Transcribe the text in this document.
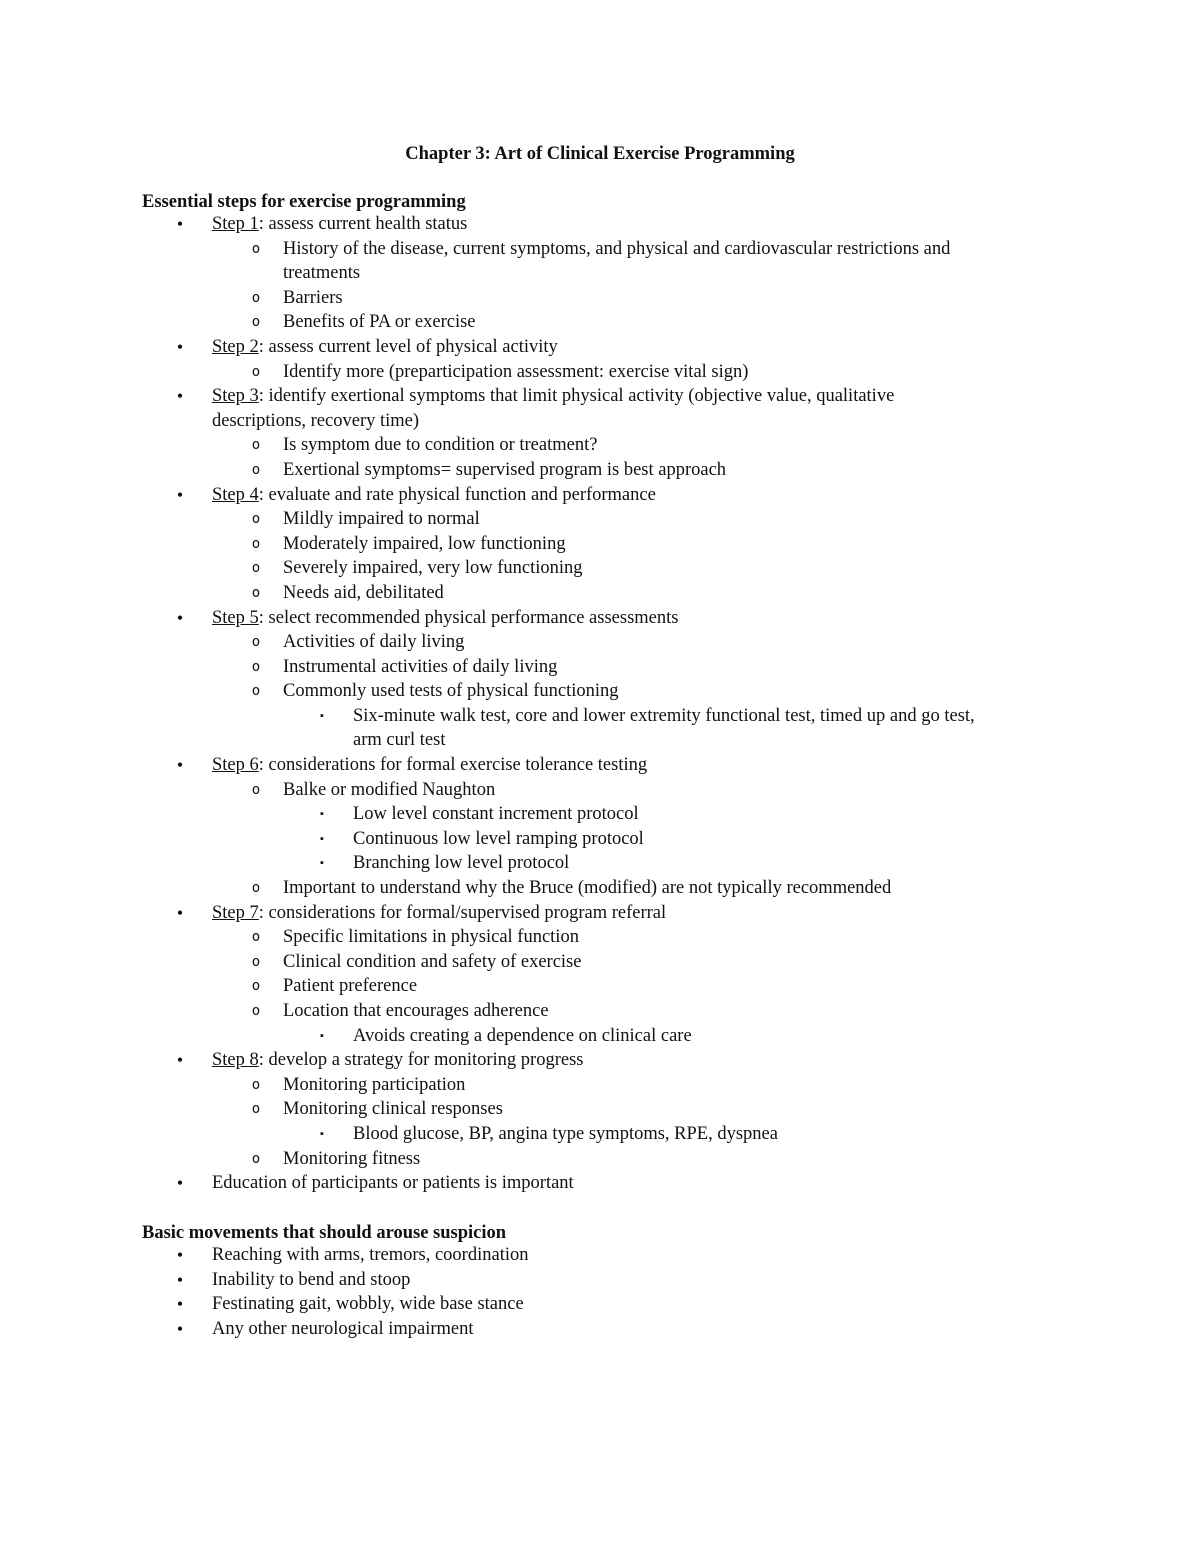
Chapter 3: Art of Clinical Exercise Programming
Essential steps for exercise programming
•	Step 1: assess current health status
o	History of the disease, current symptoms, and physical and cardiovascular restrictions and
treatments
o	Barriers
o	Benefits of PA or exercise
•	Step 2: assess current level of physical activity
o	Identify more (preparticipation assessment: exercise vital sign)
•	Step 3: identify exertional symptoms that limit physical activity (objective value, qualitative
descriptions, recovery time)
o	Is symptom due to condition or treatment?
o	Exertional symptoms= supervised program is best approach
•	Step 4: evaluate and rate physical function and performance
o	Mildly impaired to normal
o	Moderately impaired, low functioning
o	Severely impaired, very low functioning
o	Needs aid, debilitated
•	Step 5: select recommended physical performance assessments
o	Activities of daily living
o	Instrumental activities of daily living
o	Commonly used tests of physical functioning
▪	Six-minute walk test, core and lower extremity functional test, timed up and go test,
arm curl test
•	Step 6: considerations for formal exercise tolerance testing
o	Balke or modified Naughton
▪	Low level constant increment protocol
▪	Continuous low level ramping protocol
▪	Branching low level protocol
o	Important to understand why the Bruce (modified) are not typically recommended
•	Step 7: considerations for formal/supervised program referral
o	Specific limitations in physical function
o	Clinical condition and safety of exercise
o	Patient preference
o	Location that encourages adherence
▪	Avoids creating a dependence on clinical care
•	Step 8: develop a strategy for monitoring progress
o	Monitoring participation
o	Monitoring clinical responses
▪	Blood glucose, BP, angina type symptoms, RPE, dyspnea
o	Monitoring fitness
•	Education of participants or patients is important
Basic movements that should arouse suspicion
•	Reaching with arms, tremors, coordination
•	Inability to bend and stoop
•	Festinating gait, wobbly, wide base stance
•	Any other neurological impairment
